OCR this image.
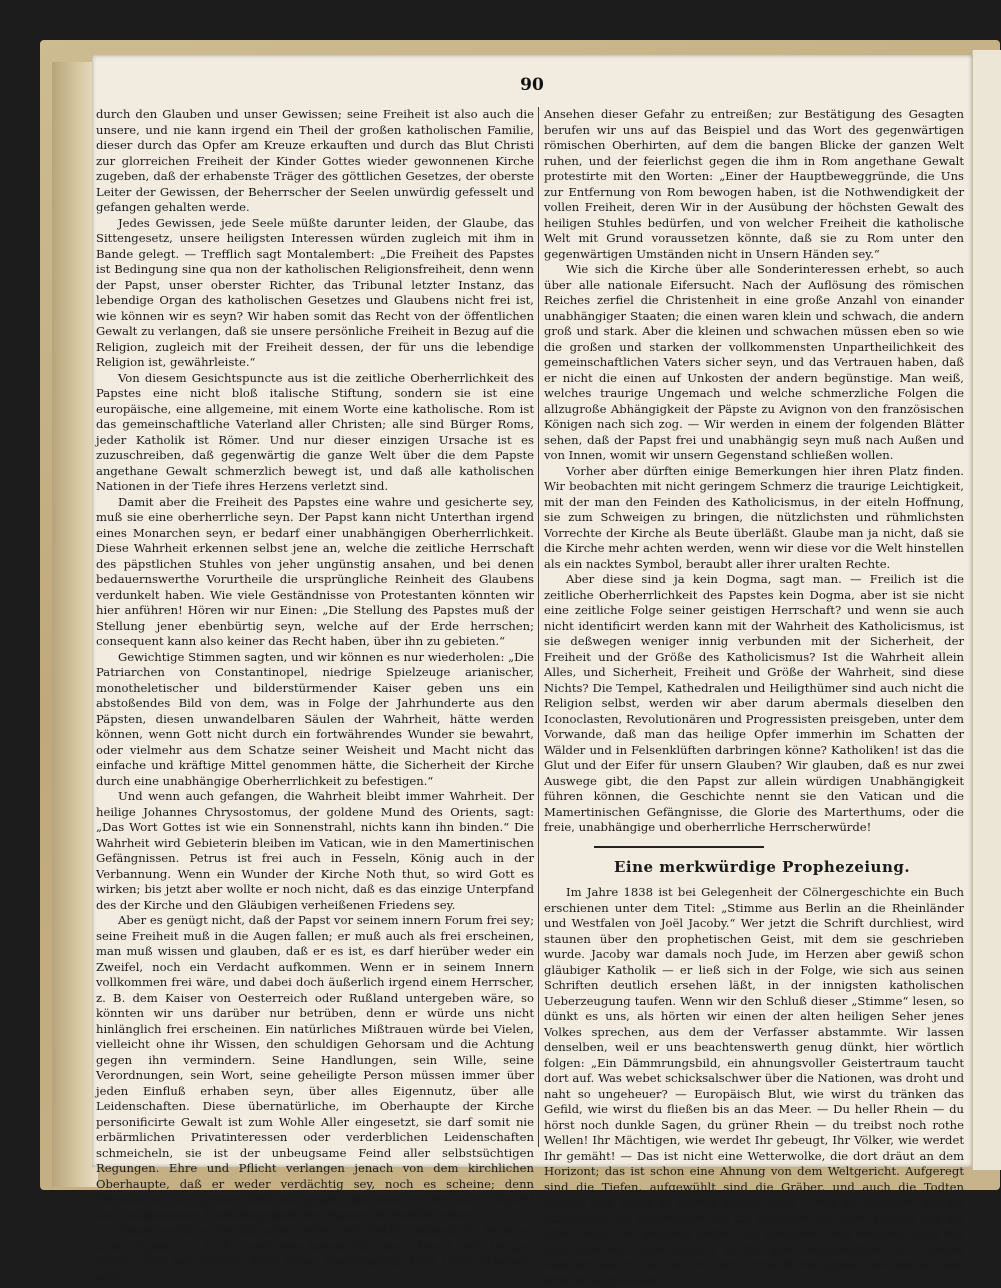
90

durch den Glauben und unser Gewissen; seine Freiheit ist also auch die unsere, und nie kann irgend ein Theil der großen katholischen Familie, dieser durch das Opfer am Kreuze erkauften und durch das Blut Christi zur glorreichen Freiheit der Kinder Gottes wieder gewonnenen Kirche zugeben, daß der erhabenste Träger des göttlichen Gesetzes, der oberste Leiter der Gewissen, der Beherrscher der Seelen unwürdig gefesselt und gefangen gehalten werde.

Jedes Gewissen, jede Seele müßte darunter leiden, der Glaube, das Sittengesetz, unsere heiligsten Interessen würden zugleich mit ihm in Bande gelegt. — Trefflich sagt Montalembert: „Die Freiheit des Papstes ist Bedingung sine qua non der katholischen Religionsfreiheit, denn wenn der Papst, unser oberster Richter, das Tribunal letzter Instanz, das lebendige Organ des katholischen Gesetzes und Glaubens nicht frei ist, wie können wir es seyn? Wir haben somit das Recht von der öffentlichen Gewalt zu verlangen, daß sie unsere persönliche Freiheit in Bezug auf die Religion, zugleich mit der Freiheit dessen, der für uns die lebendige Religion ist, gewährleiste.“

Von diesem Gesichtspuncte aus ist die zeitliche Oberherrlichkeit des Papstes eine nicht bloß italische Stiftung, sondern sie ist eine europäische, eine allgemeine, mit einem Worte eine katholische. Rom ist das gemeinschaftliche Vaterland aller Christen; alle sind Bürger Roms, jeder Katholik ist Römer. Und nur dieser einzigen Ursache ist es zuzuschreiben, daß gegenwärtig die ganze Welt über die dem Papste angethane Gewalt schmerzlich bewegt ist, und daß alle katholischen Nationen in der Tiefe ihres Herzens verletzt sind.

Damit aber die Freiheit des Papstes eine wahre und gesicherte sey, muß sie eine oberherrliche seyn. Der Papst kann nicht Unterthan irgend eines Monarchen seyn, er bedarf einer unabhängigen Oberherrlichkeit. Diese Wahrheit erkennen selbst jene an, welche die zeitliche Herrschaft des päpstlichen Stuhles von jeher ungünstig ansahen, und bei denen bedauernswerthe Vorurtheile die ursprüngliche Reinheit des Glaubens verdunkelt haben. Wie viele Geständnisse von Protestanten könnten wir hier anführen! Hören wir nur Einen: „Die Stellung des Papstes muß der Stellung jener ebenbürtig seyn, welche auf der Erde herrschen; consequent kann also keiner das Recht haben, über ihn zu gebieten.“

Gewichtige Stimmen sagten, und wir können es nur wiederholen: „Die Patriarchen von Constantinopel, niedrige Spielzeuge arianischer, monotheletischer und bilderstürmender Kaiser geben uns ein abstoßendes Bild von dem, was in Folge der Jahrhunderte aus den Päpsten, diesen unwandelbaren Säulen der Wahrheit, hätte werden können, wenn Gott nicht durch ein fortwährendes Wunder sie bewahrt, oder vielmehr aus dem Schatze seiner Weisheit und Macht nicht das einfache und kräftige Mittel genommen hätte, die Sicherheit der Kirche durch eine unabhängige Oberherrlichkeit zu befestigen.“

Und wenn auch gefangen, die Wahrheit bleibt immer Wahrheit. Der heilige Johannes Chrysostomus, der goldene Mund des Orients, sagt: „Das Wort Gottes ist wie ein Sonnenstrahl, nichts kann ihn binden.“ Die Wahrheit wird Gebieterin bleiben im Vatican, wie in den Mamertinischen Gefängnissen. Petrus ist frei auch in Fesseln, König auch in der Verbannung. Wenn ein Wunder der Kirche Noth thut, so wird Gott es wirken; bis jetzt aber wollte er noch nicht, daß es das einzige Unterpfand des der Kirche und den Gläubigen verheißenen Friedens sey.

Aber es genügt nicht, daß der Papst vor seinem innern Forum frei sey; seine Freiheit muß in die Augen fallen; er muß auch als frei erscheinen, man muß wissen und glauben, daß er es ist, es darf hierüber weder ein Zweifel, noch ein Verdacht aufkommen. Wenn er in seinem Innern vollkommen frei wäre, und dabei doch äußerlich irgend einem Herrscher, z. B. dem Kaiser von Oesterreich oder Rußland untergeben wäre, so könnten wir uns darüber nur betrüben, denn er würde uns nicht hinlänglich frei erscheinen. Ein natürliches Mißtrauen würde bei Vielen, vielleicht ohne ihr Wissen, den schuldigen Gehorsam und die Achtung gegen ihn vermindern. Seine Handlungen, sein Wille, seine Verordnungen, sein Wort, seine geheiligte Person müssen immer über jeden Einfluß erhaben seyn, über alles Eigennutz, über alle Leidenschaften. Diese übernatürliche, im Oberhaupte der Kirche personificirte Gewalt ist zum Wohle Aller eingesetzt, sie darf somit nie erbärmlichen Privatinteressen oder verderblichen Leidenschaften schmeicheln, sie ist der unbeugsame Feind aller selbstsüchtigen Regungen. Ehre und Pflicht verlangen jenach von dem kirchlichen Oberhaupte, daß er weder verdächtig sey, noch es scheine; denn Niemand auf der ganzen Erde soll jemals das Ansehen, die Aufrichtigkeit und vollkommene Unabhängigkeit des Papstes in Zweifel ziehen.

Einem solchen Zweifel aber wären wir leicht zugänglich, wenn er unter irgend ein Joch, unter was immer für einen Druck sich beugen müßte, und wir dürften dann keine Anstrengung, kein Opfer scheuen, sein

Ansehen dieser Gefahr zu entreißen; zur Bestätigung des Gesagten berufen wir uns auf das Beispiel und das Wort des gegenwärtigen römischen Oberhirten, auf dem die bangen Blicke der ganzen Welt ruhen, und der feierlichst gegen die ihm in Rom angethane Gewalt protestirte mit den Worten: „Einer der Hauptbeweggründe, die Uns zur Entfernung von Rom bewogen haben, ist die Nothwendigkeit der vollen Freiheit, deren Wir in der Ausübung der höchsten Gewalt des heiligen Stuhles bedürfen, und von welcher Freiheit die katholische Welt mit Grund voraussetzen könnte, daß sie zu Rom unter den gegenwärtigen Umständen nicht in Unsern Händen sey.“

Wie sich die Kirche über alle Sonderinteressen erhebt, so auch über alle nationale Eifersucht. Nach der Auflösung des römischen Reiches zerfiel die Christenheit in eine große Anzahl von einander unabhängiger Staaten; die einen waren klein und schwach, die andern groß und stark. Aber die kleinen und schwachen müssen eben so wie die großen und starken der vollkommensten Unpartheilichkeit des gemeinschaftlichen Vaters sicher seyn, und das Vertrauen haben, daß er nicht die einen auf Unkosten der andern begünstige. Man weiß, welches traurige Ungemach und welche schmerzliche Folgen die allzugroße Abhängigkeit der Päpste zu Avignon von den französischen Königen nach sich zog. — Wir werden in einem der folgenden Blätter sehen, daß der Papst frei und unabhängig seyn muß nach Außen und von Innen, womit wir unsern Gegenstand schließen wollen.

Vorher aber dürften einige Bemerkungen hier ihren Platz finden. Wir beobachten mit nicht geringem Schmerz die traurige Leichtigkeit, mit der man den Feinden des Katholicismus, in der eiteln Hoffnung, sie zum Schweigen zu bringen, die nützlichsten und rühmlichsten Vorrechte der Kirche als Beute überläßt. Glaube man ja nicht, daß sie die Kirche mehr achten werden, wenn wir diese vor die Welt hinstellen als ein nacktes Symbol, beraubt aller ihrer uralten Rechte.

Aber diese sind ja kein Dogma, sagt man. — Freilich ist die zeitliche Oberherrlichkeit des Papstes kein Dogma, aber ist sie nicht eine zeitliche Folge seiner geistigen Herrschaft? und wenn sie auch nicht identificirt werden kann mit der Wahrheit des Katholicismus, ist sie deßwegen weniger innig verbunden mit der Sicherheit, der Freiheit und der Größe des Katholicismus? Ist die Wahrheit allein Alles, und Sicherheit, Freiheit und Größe der Wahrheit, sind diese Nichts? Die Tempel, Kathedralen und Heiligthümer sind auch nicht die Religion selbst, werden wir aber darum abermals dieselben den Iconoclasten, Revolutionären und Progressisten preisgeben, unter dem Vorwande, daß man das heilige Opfer immerhin im Schatten der Wälder und in Felsenklüften darbringen könne? Katholiken! ist das die Glut und der Eifer für unsern Glauben? Wir glauben, daß es nur zwei Auswege gibt, die den Papst zur allein würdigen Unabhängigkeit führen können, die Geschichte nennt sie den Vatican und die Mamertinischen Gefängnisse, die Glorie des Marterthums, oder die freie, unabhängige und oberherrliche Herrscherwürde!

Eine merkwürdige Prophezeiung.

Im Jahre 1838 ist bei Gelegenheit der Cölnergeschichte ein Buch erschienen unter dem Titel: „Stimme aus Berlin an die Rheinländer und Westfalen von Joël Jacoby.“ Wer jetzt die Schrift durchliest, wird staunen über den prophetischen Geist, mit dem sie geschrieben wurde. Jacoby war damals noch Jude, im Herzen aber gewiß schon gläubiger Katholik — er ließ sich in der Folge, wie sich aus seinen Schriften deutlich ersehen läßt, in der innigsten katholischen Ueberzeugung taufen. Wenn wir den Schluß dieser „Stimme“ lesen, so dünkt es uns, als hörten wir einen der alten heiligen Seher jenes Volkes sprechen, aus dem der Verfasser abstammte. Wir lassen denselben, weil er uns beachtenswerth genug dünkt, hier wörtlich folgen: „Ein Dämmrungsbild, ein ahnungsvoller Geistertraum taucht dort auf. Was webet schicksalschwer über die Nationen, was droht und naht so ungeheuer? — Europäisch Blut, wie wirst du tränken das Gefild, wie wirst du fließen bis an das Meer. — Du heller Rhein — du hörst noch dunkle Sagen, du grüner Rhein — du treibst noch rothe Wellen! Ihr Mächtigen, wie werdet Ihr gebeugt, Ihr Völker, wie werdet Ihr gemäht! — Das ist nicht eine Wetterwolke, die dort dräut an dem Horizont; das ist schon eine Ahnung von dem Weltgericht. Aufgeregt sind die Tiefen, aufgewühlt sind die Gräber, und auch die Todten senden ihre Boten zu diesem Kampf. Seht — wie sie kommen, wie sie schleichen, die Gespenster und die Schatten, die alten Heiden und die alten Juden, die bleichen Götter und Dämonen, und mischen ihren Ruf und mischen ihren Reigen in Europas Nothgeschrei, in Europas Geisterschlacht. Sie, die von der Kirche Bezwungenen, sie, die bei dem Kreuze Begrabenen,
